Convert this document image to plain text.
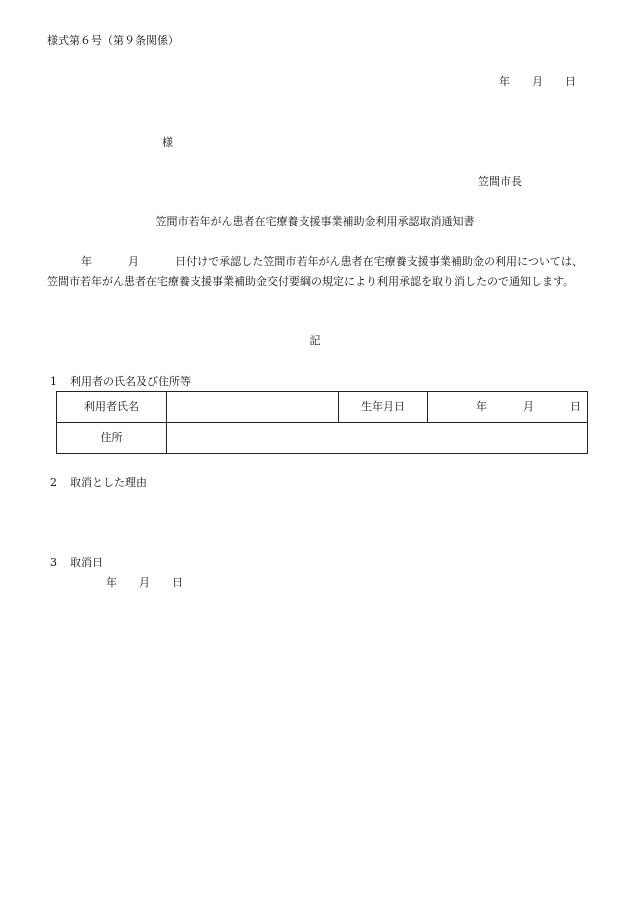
様式第６号（第９条関係）
年 月 日
様
笠間市長
笠間市若年がん患者在宅療養支援事業補助金利用承認取消通知書
年	月	日付けで承認した笠間市若年がん患者在宅療養支援事業補助金の利用については、笠間市若年がん患者在宅療養支援事業補助金交付要綱の規定により利用承認を取り消したので通知します。
記
1 利用者の氏名及び住所等
利用者氏名		生年月日	年 月 日
住所			
2 取消とした理由
3 取消日
年 月 日
